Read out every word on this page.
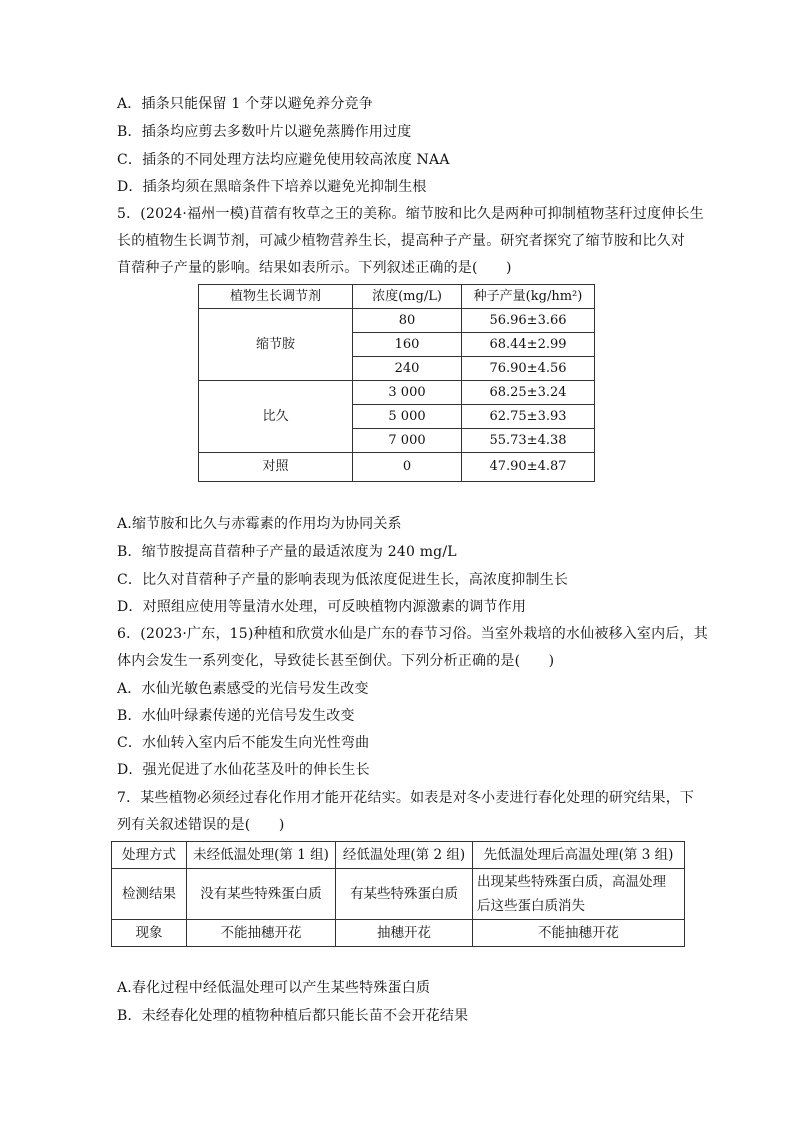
A．插条只能保留 1 个芽以避免养分竞争
B．插条均应剪去多数叶片以避免蒸腾作用过度
C．插条的不同处理方法均应避免使用较高浓度 NAA
D．插条均须在黑暗条件下培养以避免光抑制生根
5．(2024·福州一模)苜蓿有牧草之王的美称。缩节胺和比久是两种可抑制植物茎秆过度伸长生
长的植物生长调节剂，可减少植物营养生长，提高种子产量。研究者探究了缩节胺和比久对
苜蓿种子产量的影响。结果如表所示。下列叙述正确的是(　　)
植物生长调节剂	浓度(mg/L)	种子产量(kg/hm²)
缩节胺	80	56.96±3.66
	160	68.44±2.99
	240	76.90±4.56
比久	3 000	68.25±3.24
	5 000	62.75±3.93
	7 000	55.73±4.38
对照	0	47.90±4.87
A.缩节胺和比久与赤霉素的作用均为协同关系
B．缩节胺提高苜蓿种子产量的最适浓度为 240 mg/L
C．比久对苜蓿种子产量的影响表现为低浓度促进生长，高浓度抑制生长
D．对照组应使用等量清水处理，可反映植物内源激素的调节作用
6．(2023·广东，15)种植和欣赏水仙是广东的春节习俗。当室外栽培的水仙被移入室内后，其
体内会发生一系列变化，导致徒长甚至倒伏。下列分析正确的是(　　)
A．水仙光敏色素感受的光信号发生改变
B．水仙叶绿素传递的光信号发生改变
C．水仙转入室内后不能发生向光性弯曲
D．强光促进了水仙花茎及叶的伸长生长
7．某些植物必须经过春化作用才能开花结实。如表是对冬小麦进行春化处理的研究结果，下
列有关叙述错误的是(　　)
处理方式	未经低温处理(第 1 组)	经低温处理(第 2 组)	先低温处理后高温处理(第 3 组)
检测结果	没有某些特殊蛋白质	有某些特殊蛋白质	出现某些特殊蛋白质，高温处理
后这些蛋白质消失

现象	不能抽穗开花	抽穗开花	不能抽穗开花
A.春化过程中经低温处理可以产生某些特殊蛋白质
B．未经春化处理的植物种植后都只能长苗不会开花结果
